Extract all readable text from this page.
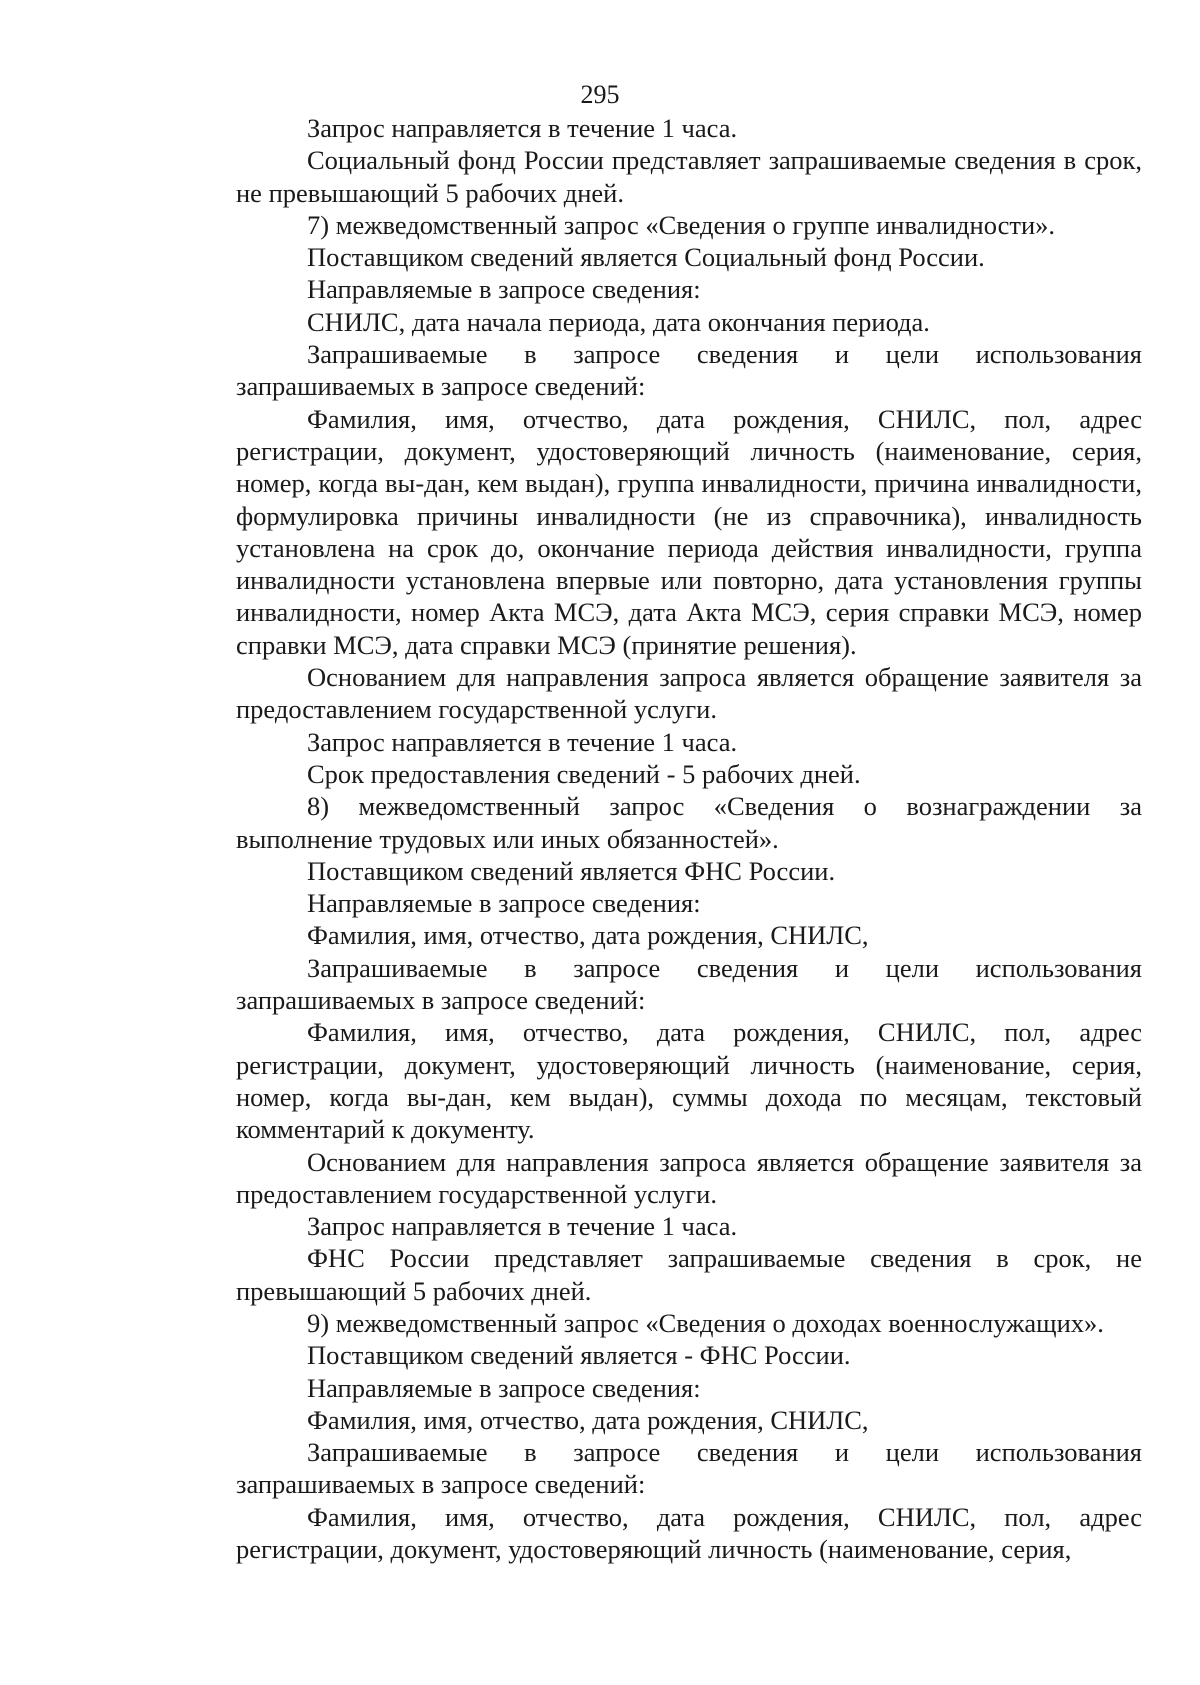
295

Запрос направляется в течение 1 часа.

Социальный фонд России представляет запрашиваемые сведения в срок, не превышающий 5 рабочих дней.

7) межведомственный запрос «Сведения о группе инвалидности».

Поставщиком сведений является Социальный фонд России.

Направляемые в запросе сведения:

СНИЛС, дата начала периода, дата окончания периода.

Запрашиваемые в запросе сведения и цели использования запрашиваемых в запросе сведений:

Фамилия, имя, отчество, дата рождения, СНИЛС, пол, адрес регистрации, документ, удостоверяющий личность (наименование, серия, номер, когда вы-дан, кем выдан), группа инвалидности, причина инвалидности, формулировка причины инвалидности (не из справочника), инвалидность установлена на срок до, окончание периода действия инвалидности, группа инвалидности установлена впервые или повторно, дата установления группы инвалидности, номер Акта МСЭ, дата Акта МСЭ, серия справки МСЭ, номер справки МСЭ, дата справки МСЭ (принятие решения).

Основанием для направления запроса является обращение заявителя за предоставлением государственной услуги.

Запрос направляется в течение 1 часа.

Срок предоставления сведений - 5 рабочих дней.

8) межведомственный запрос «Сведения о вознаграждении за выполнение трудовых или иных обязанностей».

Поставщиком сведений является ФНС России.

Направляемые в запросе сведения:

Фамилия, имя, отчество, дата рождения, СНИЛС,

Запрашиваемые в запросе сведения и цели использования запрашиваемых в запросе сведений:

Фамилия, имя, отчество, дата рождения, СНИЛС, пол, адрес регистрации, документ, удостоверяющий личность (наименование, серия, номер, когда вы-дан, кем выдан), суммы дохода по месяцам, текстовый комментарий к документу.

Основанием для направления запроса является обращение заявителя за предоставлением государственной услуги.

Запрос направляется в течение 1 часа.

ФНС России представляет запрашиваемые сведения в срок, не превышающий 5 рабочих дней.

9) межведомственный запрос «Сведения о доходах военнослужащих».

Поставщиком сведений является - ФНС России.

Направляемые в запросе сведения:

Фамилия, имя, отчество, дата рождения, СНИЛС,

Запрашиваемые в запросе сведения и цели использования запрашиваемых в запросе сведений:

Фамилия, имя, отчество, дата рождения, СНИЛС, пол, адрес регистрации, документ, удостоверяющий личность (наименование, серия,
